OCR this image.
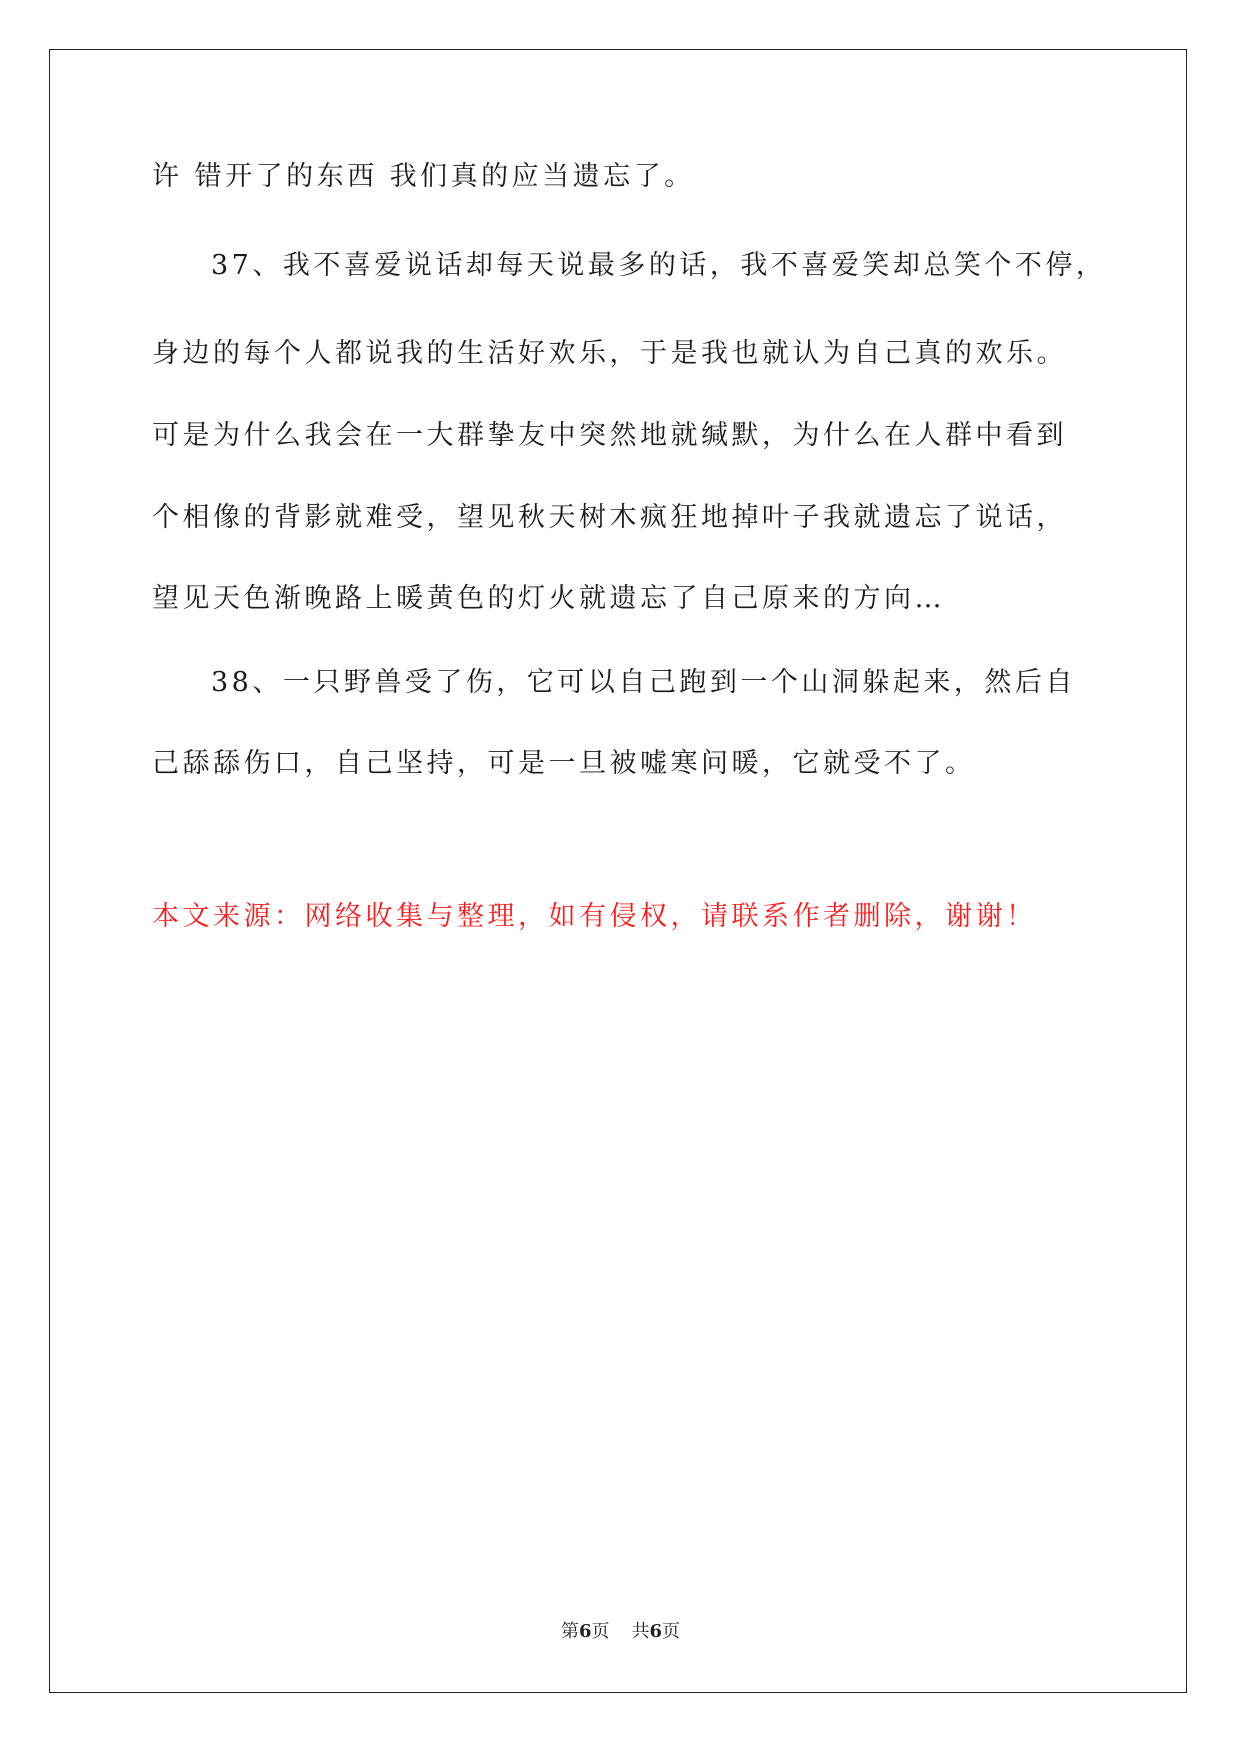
许 错开了的东西 我们真的应当遗忘了。
37、我不喜爱说话却每天说最多的话，我不喜爱笑却总笑个不停，
身边的每个人都说我的生活好欢乐，于是我也就认为自己真的欢乐。
可是为什么我会在一大群挚友中突然地就缄默，为什么在人群中看到
个相像的背影就难受，望见秋天树木疯狂地掉叶子我就遗忘了说话，
望见天色渐晚路上暖黄色的灯火就遗忘了自己原来的方向…
38、一只野兽受了伤，它可以自己跑到一个山洞躲起来，然后自
己舔舔伤口，自己坚持，可是一旦被嘘寒问暖，它就受不了。
本文来源：网络收集与整理，如有侵权，请联系作者删除，谢谢！
第6页 共6页
